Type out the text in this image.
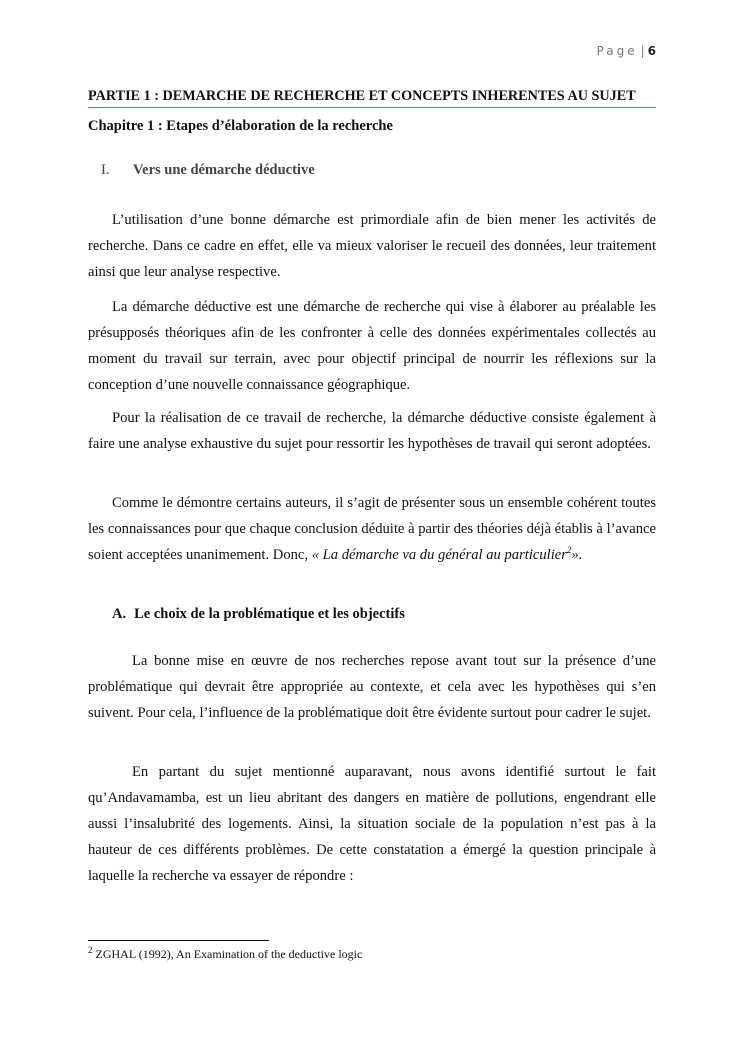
Page | 6
PARTIE 1 : DEMARCHE DE RECHERCHE ET CONCEPTS INHERENTES AU SUJET
Chapitre 1 : Etapes d’élaboration de la recherche
I. Vers une démarche déductive

L’utilisation d’une bonne démarche est primordiale afin de bien mener les activités de recherche. Dans ce cadre en effet, elle va mieux valoriser le recueil des données, leur traitement ainsi que leur analyse respective.

La démarche déductive est une démarche de recherche qui vise à élaborer au préalable les présupposés théoriques afin de les confronter à celle des données expérimentales collectés au moment du travail sur terrain, avec pour objectif principal de nourrir les réflexions sur la conception d’une nouvelle connaissance géographique.

Pour la réalisation de ce travail de recherche, la démarche déductive consiste également à faire une analyse exhaustive du sujet pour ressortir les hypothèses de travail qui seront adoptées.

Comme le démontre certains auteurs, il s’agit de présenter sous un ensemble cohérent toutes les connaissances pour que chaque conclusion déduite à partir des théories déjà établis à l’avance soient acceptées unanimement. Donc, « La démarche va du général au particulier$^2$».

A. Le choix de la problématique et les objectifs

La bonne mise en œuvre de nos recherches repose avant tout sur la présence d’une problématique qui devrait être appropriée au contexte, et cela avec les hypothèses qui s’en suivent. Pour cela, l’influence de la problématique doit être évidente surtout pour cadrer le sujet.

En partant du sujet mentionné auparavant, nous avons identifié surtout le fait qu’Andavamamba, est un lieu abritant des dangers en matière de pollutions, engendrant elle aussi l’insalubrité des logements. Ainsi, la situation sociale de la population n’est pas à la hauteur de ces différents problèmes. De cette constatation a émergé la question principale à laquelle la recherche va essayer de répondre :

$^2$ ZGHAL (1992), An Examination of the deductive logic
